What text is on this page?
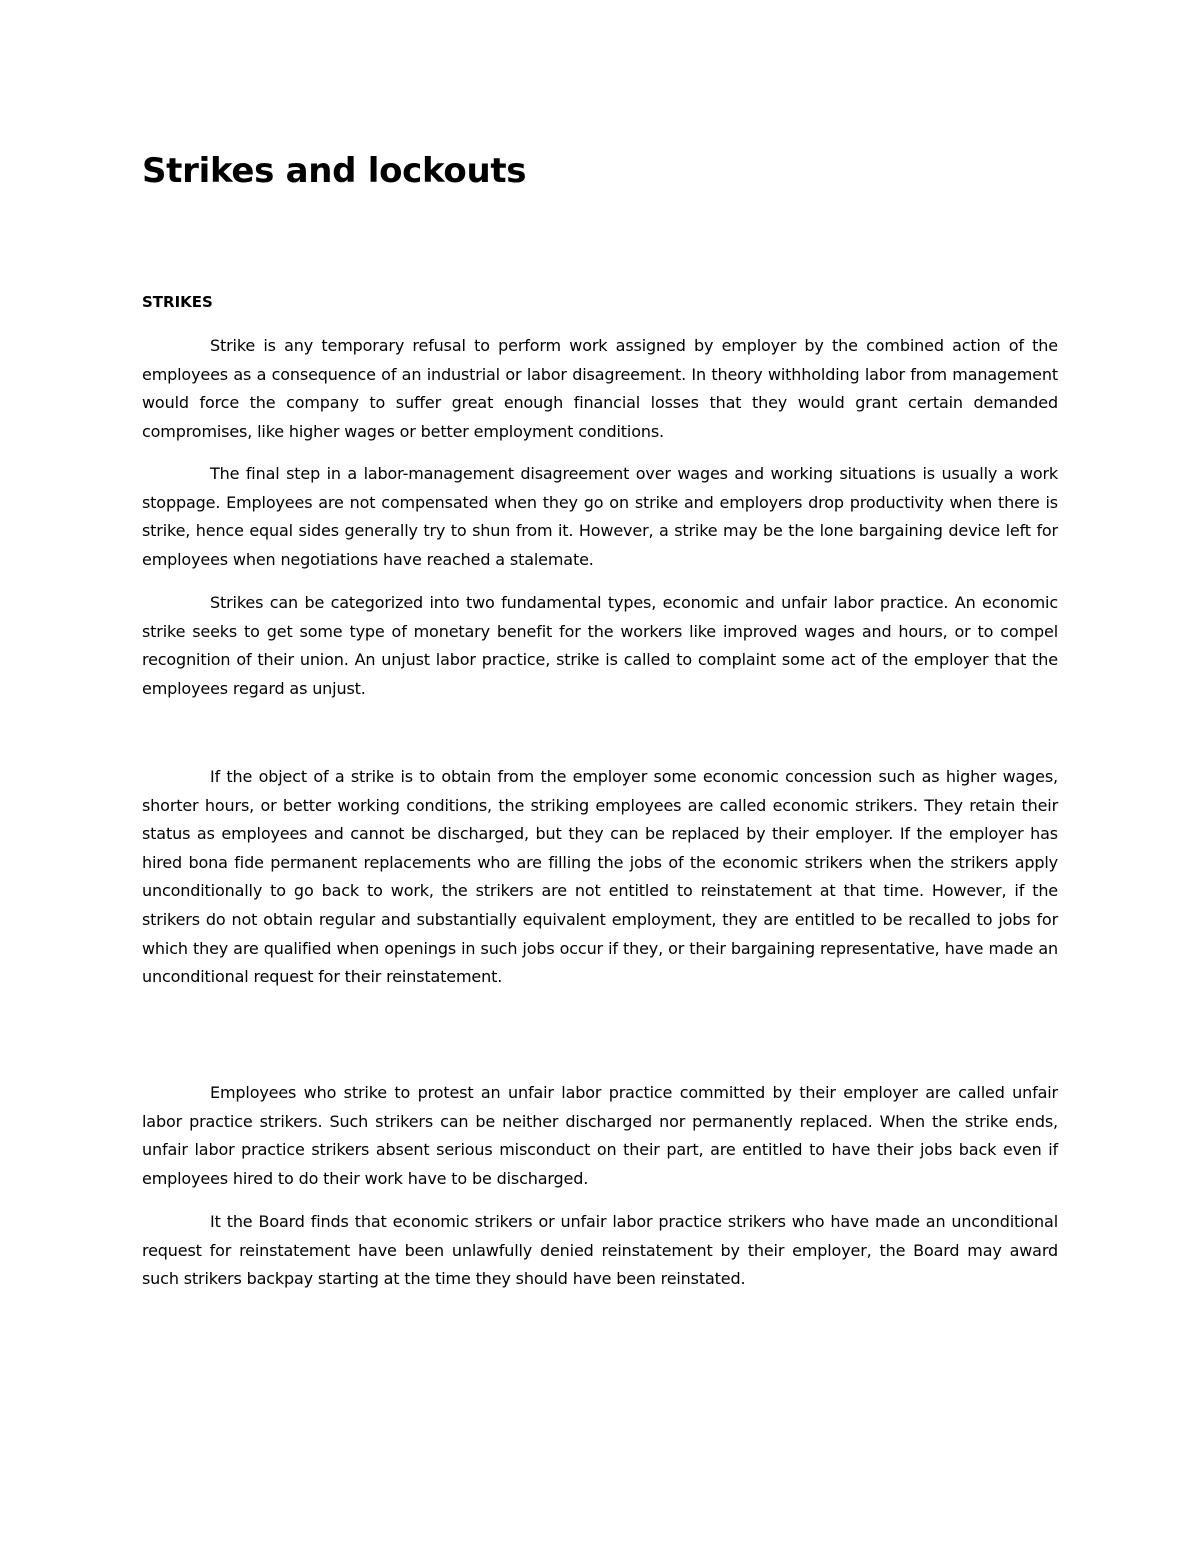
Strikes and lockouts
STRIKES

Strike is any temporary refusal to perform work assigned by employer by the combined action of the employees as a consequence of an industrial or labor disagreement. In theory withholding labor from management would force the company to suffer great enough financial losses that they would grant certain demanded compromises, like higher wages or better employment conditions.

The final step in a labor-management disagreement over wages and working situations is usually a work stoppage. Employees are not compensated when they go on strike and employers drop productivity when there is strike, hence equal sides generally try to shun from it. However, a strike may be the lone bargaining device left for employees when negotiations have reached a stalemate.

Strikes can be categorized into two fundamental types, economic and unfair labor practice. An economic strike seeks to get some type of monetary benefit for the workers like improved wages and hours, or to compel recognition of their union. An unjust labor practice, strike is called to complaint some act of the employer that the employees regard as unjust.

If the object of a strike is to obtain from the employer some economic concession such as higher wages, shorter hours, or better working conditions, the striking employees are called economic strikers. They retain their status as employees and cannot be discharged, but they can be replaced by their employer. If the employer has hired bona fide permanent replacements who are filling the jobs of the economic strikers when the strikers apply unconditionally to go back to work, the strikers are not entitled to reinstatement at that time. However, if the strikers do not obtain regular and substantially equivalent employment, they are entitled to be recalled to jobs for which they are qualified when openings in such jobs occur if they, or their bargaining representative, have made an unconditional request for their reinstatement.

Employees who strike to protest an unfair labor practice committed by their employer are called unfair labor practice strikers. Such strikers can be neither discharged nor permanently replaced. When the strike ends, unfair labor practice strikers absent serious misconduct on their part, are entitled to have their jobs back even if employees hired to do their work have to be discharged.

It the Board finds that economic strikers or unfair labor practice strikers who have made an unconditional request for reinstatement have been unlawfully denied reinstatement by their employer, the Board may award such strikers backpay starting at the time they should have been reinstated.
